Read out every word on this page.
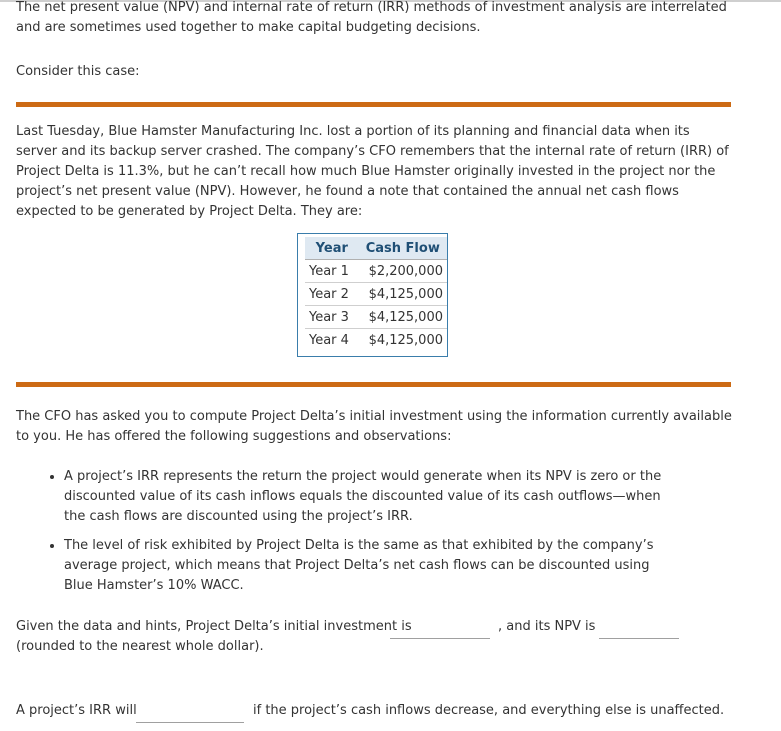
The net present value (NPV) and internal rate of return (IRR) methods of investment analysis are interrelated and are sometimes used together to make capital budgeting decisions.

Consider this case:

Last Tuesday, Blue Hamster Manufacturing Inc. lost a portion of its planning and financial data when its server and its backup server crashed. The company’s CFO remembers that the internal rate of return (IRR) of Project Delta is 11.3%, but he can’t recall how much Blue Hamster originally invested in the project nor the project’s net present value (NPV). However, he found a note that contained the annual net cash flows expected to be generated by Project Delta. They are:

Year	Cash Flow
Year 1	$2,200,000
Year 2	$4,125,000
Year 3	$4,125,000
Year 4	$4,125,000

The CFO has asked you to compute Project Delta’s initial investment using the information currently available to you. He has offered the following suggestions and observations:

• A project’s IRR represents the return the project would generate when its NPV is zero or the discounted value of its cash inflows equals the discounted value of its cash outflows—when the cash flows are discounted using the project’s IRR.
• The level of risk exhibited by Project Delta is the same as that exhibited by the company’s average project, which means that Project Delta’s net cash flows can be discounted using Blue Hamster’s 10% WACC.
Given the data and hints, Project Delta’s initial investment is	, and its NPV is
(rounded to the nearest whole dollar).
A project’s IRR will	if the project’s cash inflows decrease, and everything else is unaffected.
